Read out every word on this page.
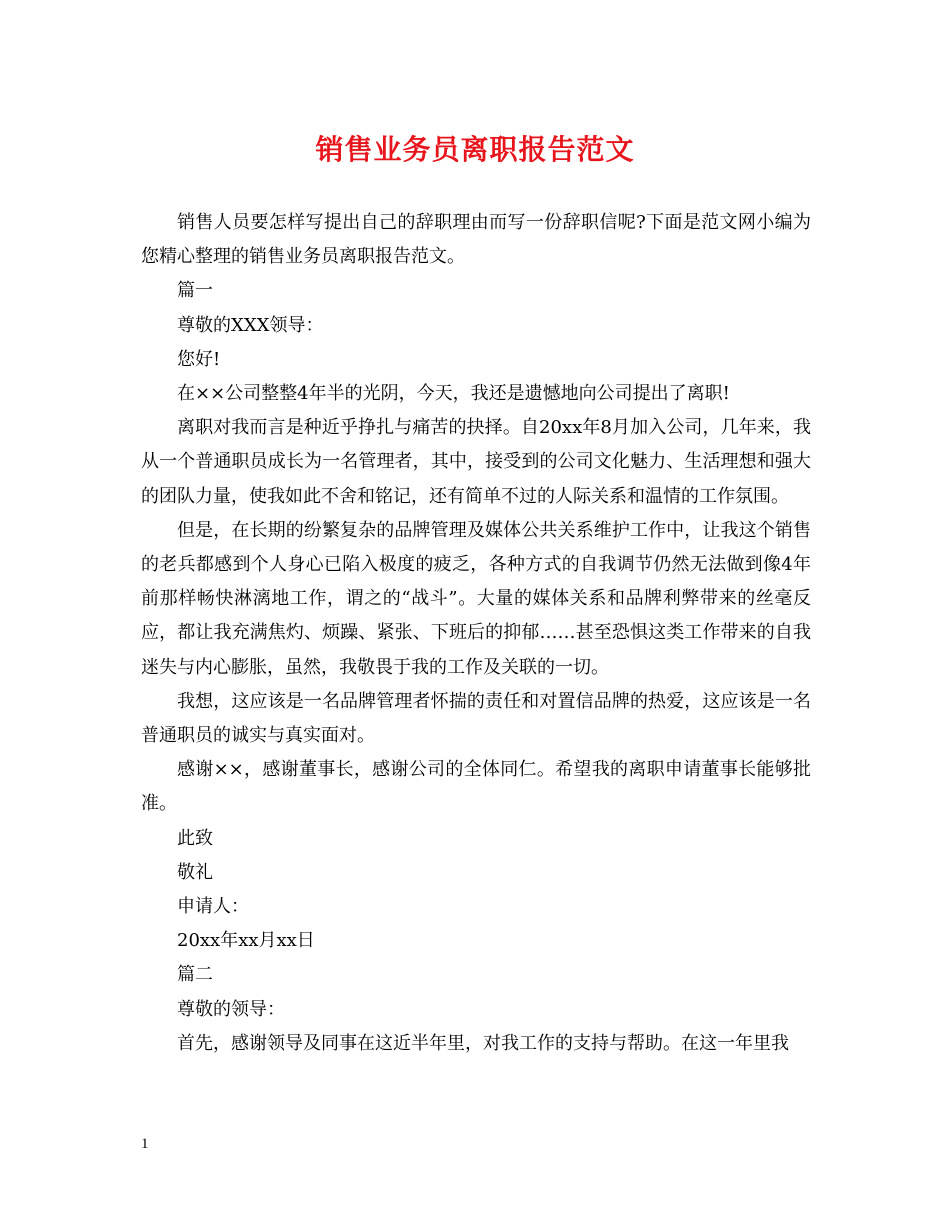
销售业务员离职报告范文

销售人员要怎样写提出自己的辞职理由而写一份辞职信呢?下面是范文网小编为您精心整理的销售业务员离职报告范文。

篇一

尊敬的XXX领导：

您好!

在××公司整整4年半的光阴，今天，我还是遗憾地向公司提出了离职!

离职对我而言是种近乎挣扎与痛苦的抉择。自20xx年8月加入公司，几年来，我从一个普通职员成长为一名管理者，其中，接受到的公司文化魅力、生活理想和强大的团队力量，使我如此不舍和铭记，还有简单不过的人际关系和温情的工作氛围。

但是，在长期的纷繁复杂的品牌管理及媒体公共关系维护工作中，让我这个销售的老兵都感到个人身心已陷入极度的疲乏，各种方式的自我调节仍然无法做到像4年前那样畅快淋漓地工作，谓之的“战斗”。大量的媒体关系和品牌利弊带来的丝毫反应，都让我充满焦灼、烦躁、紧张、下班后的抑郁……甚至恐惧这类工作带来的自我迷失与内心膨胀，虽然，我敬畏于我的工作及关联的一切。

我想，这应该是一名品牌管理者怀揣的责任和对置信品牌的热爱，这应该是一名普通职员的诚实与真实面对。

感谢××，感谢董事长，感谢公司的全体同仁。希望我的离职申请董事长能够批准。

此致

敬礼

申请人：

20xx年xx月xx日

篇二

尊敬的领导：

首先，感谢领导及同事在这近半年里，对我工作的支持与帮助。在这一年里我

1
